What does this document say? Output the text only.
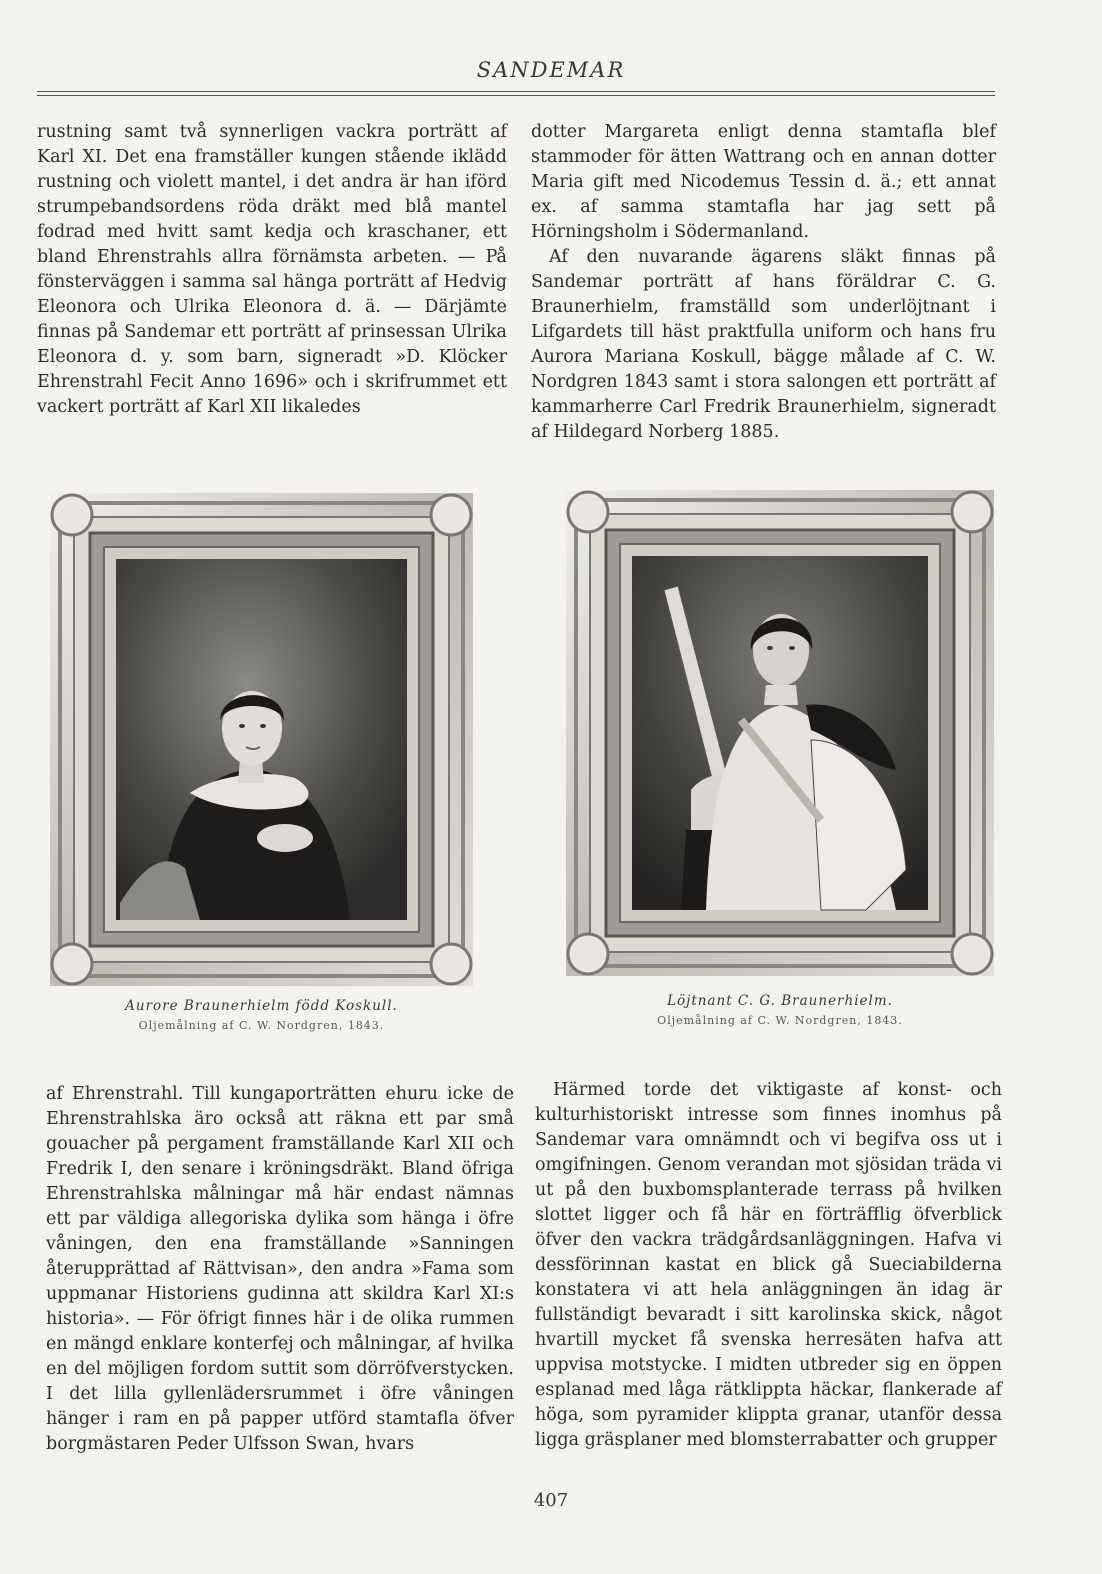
SANDEMAR

rustning samt två synnerligen vackra porträtt af Karl XI. Det ena framställer kungen stående iklädd rustning och violett mantel, i det andra är han iförd strumpebandsordens röda dräkt med blå mantel fodrad med hvitt samt kedja och kraschaner, ett bland Ehrenstrahls allra förnämsta arbeten. — På fönsterväggen i samma sal hänga porträtt af Hedvig Eleonora och Ulrika Eleonora d. ä. — Därjämte finnas på Sandemar ett porträtt af prinsessan Ulrika Eleonora d. y. som barn, signeradt »D. Klöcker Ehrenstrahl Fecit Anno 1696» och i skrifrummet ett vackert porträtt af Karl XII likaledes

dotter Margareta enligt denna stamtafla blef stammoder för ätten Wattrang och en annan dotter Maria gift med Nicodemus Tessin d. ä.; ett annat ex. af samma stamtafla har jag sett på Hörningsholm i Södermanland.

Af den nuvarande ägarens släkt finnas på Sandemar porträtt af hans föräldrar C. G. Braunerhielm, framställd som underlöjtnant i Lifgardets till häst praktfulla uniform och hans fru Aurora Mariana Koskull, bägge målade af C. W. Nordgren 1843 samt i stora salongen ett porträtt af kammarherre Carl Fredrik Braunerhielm, signeradt af Hildegard Norberg 1885.

Aurore Braunerhielm född Koskull.
Oljemålning af C. W. Nordgren, 1843.
Löjtnant C. G. Braunerhielm.
Oljemålning af C. W. Nordgren, 1843.

af Ehrenstrahl. Till kungaporträtten ehuru icke de Ehrenstrahlska äro också att räkna ett par små gouacher på pergament framställande Karl XII och Fredrik I, den senare i kröningsdräkt. Bland öfriga Ehrenstrahlska målningar må här endast nämnas ett par väldiga allegoriska dylika som hänga i öfre våningen, den ena framställande »Sanningen återupprättad af Rättvisan», den andra »Fama som uppmanar Historiens gudinna att skildra Karl XI:s historia». — För öfrigt finnes här i de olika rummen en mängd enklare konterfej och målningar, af hvilka en del möjligen fordom suttit som dörröfverstycken. I det lilla gyllenlädersrummet i öfre våningen hänger i ram en på papper utförd stamtafla öfver borgmästaren Peder Ulfsson Swan, hvars

Härmed torde det viktigaste af konst- och kulturhistoriskt intresse som finnes inomhus på Sandemar vara omnämndt och vi begifva oss ut i omgifningen. Genom verandan mot sjösidan träda vi ut på den buxbomsplanterade terrass på hvilken slottet ligger och få här en förträfflig öfverblick öfver den vackra trädgårdsanläggningen. Hafva vi dessförinnan kastat en blick gå Sueciabilderna konstatera vi att hela anläggningen än idag är fullständigt bevaradt i sitt karolinska skick, något hvartill mycket få svenska herresäten hafva att uppvisa motstycke. I midten utbreder sig en öppen esplanad med låga rätklippta häckar, flankerade af höga, som pyramider klippta granar, utanför dessa ligga gräsplaner med blomsterrabatter och grupper

407
